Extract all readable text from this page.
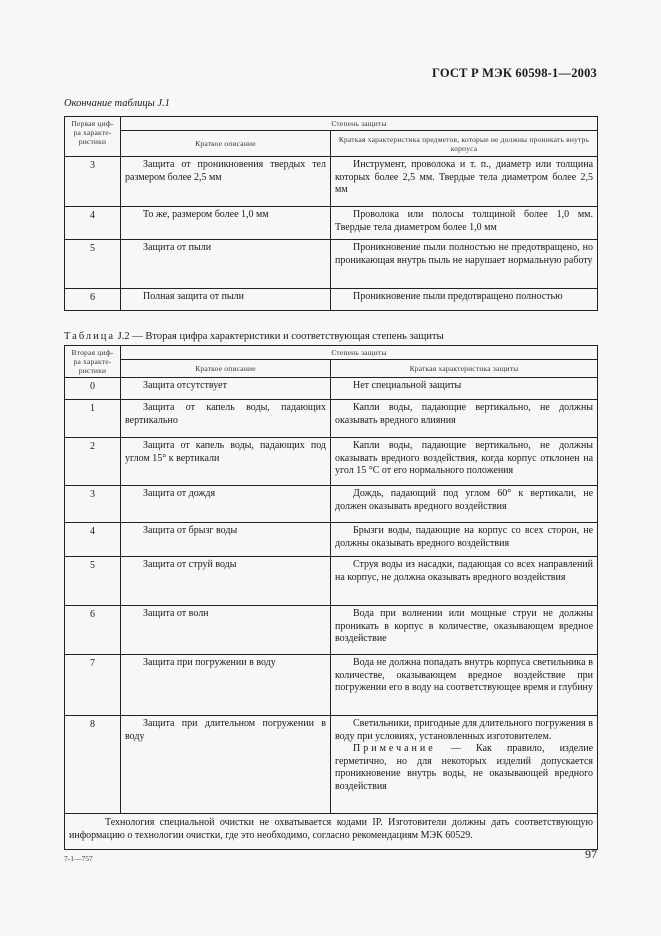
ГОСТ Р МЭК 60598-1—2003
Окончание таблицы J.1
Первая циф-ра характе-ристики	Степень защиты	
	Краткое описание	Краткая характеристика предметов, которые не должны проникать внутрь корпуса
3	Защита от проникновения твердых тел размером более 2,5 мм	Инструмент, проволока и т. п., диаметр или толщина которых более 2,5 мм. Твердые тела диаметром более 2,5 мм
4	То же, размером более 1,0 мм	Проволока или полосы толщиной более 1,0 мм. Твердые тела диаметром более 1,0 мм
5	Защита от пыли	Проникновение пыли полностью не предотвращено, но проникающая внутрь пыль не нарушает нормальную работу
6	Полная защита от пыли	Проникновение пыли предотвращено полностью
Таблица J.2 — Вторая цифра характеристики и соответствующая степень защиты
Вторая циф-ра характе-ристики	Степень защиты	
	Краткое описание	Краткая характеристика защиты
0	Защита отсутствует	Нет специальной защиты
1	Защита от капель воды, падающих вертикально	Капли воды, падающие вертикально, не должны оказывать вредного влияния
2	Защита от капель воды, падающих под углом 15° к вертикали	Капли воды, падающие вертикально, не должны оказывать вредного воздействия, когда корпус отклонен на угол 15 °С от его нормального положения
3	Защита от дождя	Дождь, падающий под углом 60° к вертикали, не должен оказывать вредного воздействия
4	Защита от брызг воды	Брызги воды, падающие на корпус со всех сторон, не должны оказывать вредного воздействия
5	Защита от струй воды	Струя воды из насадки, падающая со всех направлений на корпус, не должна оказывать вредного воздействия
6	Защита от волн	Вода при волнении или мощные струи не должны проникать в корпус в количестве, оказывающем вредное воздействие
7	Защита при погружении в воду	Вода не должна попадать внутрь корпуса светильника в количестве, оказывающем вредное воздействие при погружении его в воду на соответствующее время и глубину
8	Защита при длительном погружении в воду	Светильники, пригодные для длительного погружения в воду при условиях, установленных изготовителем.
Примечание — Как правило, изделие герметично, но для некоторых изделий допускается проникновение внутрь воды, не оказывающей вредного воздействия

Технология специальной очистки не охватывается кодами IP. Изготовители должны дать соответствующую информацию о технологии очистки, где это необходимо, согласно рекомендациям МЭК 60529.		
7-1—757	97
